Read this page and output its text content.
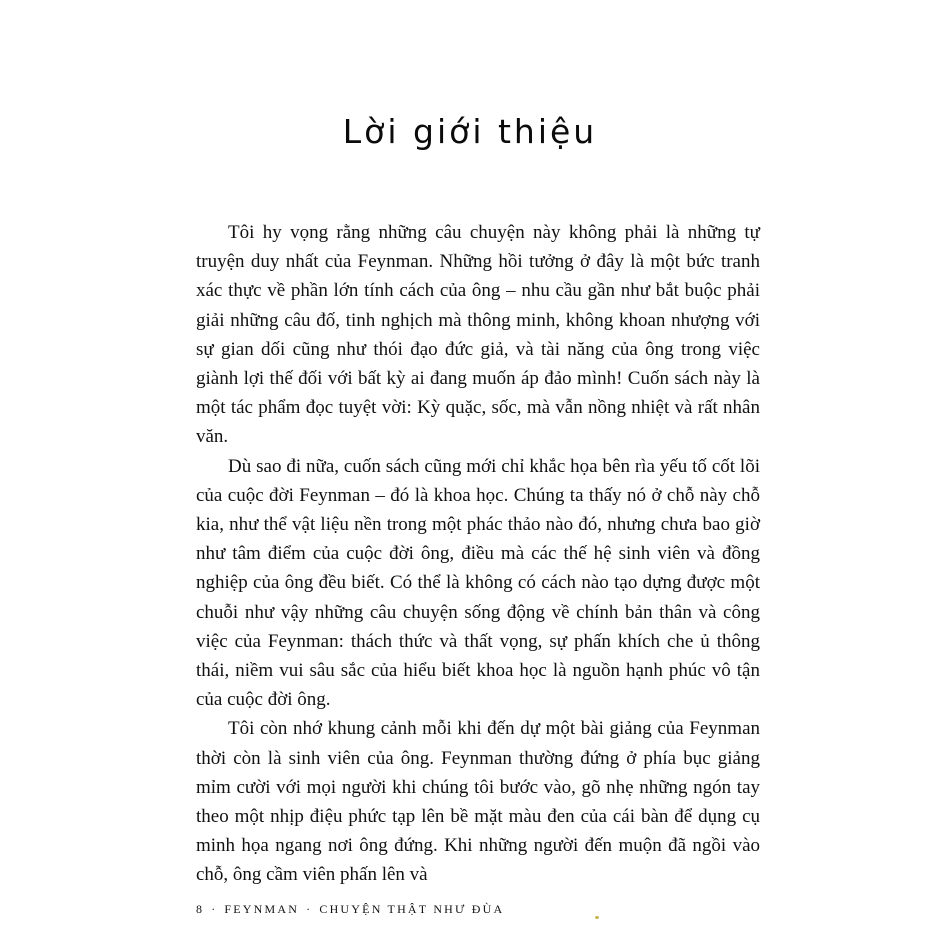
Lời giới thiệu

Tôi hy vọng rằng những câu chuyện này không phải là những tự truyện duy nhất của Feynman. Những hồi tưởng ở đây là một bức tranh xác thực về phần lớn tính cách của ông – nhu cầu gần như bắt buộc phải giải những câu đố, tinh nghịch mà thông minh, không khoan nhượng với sự gian dối cũng như thói đạo đức giả, và tài năng của ông trong việc giành lợi thế đối với bất kỳ ai đang muốn áp đảo mình! Cuốn sách này là một tác phẩm đọc tuyệt vời: Kỳ quặc, sốc, mà vẫn nồng nhiệt và rất nhân văn.

Dù sao đi nữa, cuốn sách cũng mới chỉ khắc họa bên rìa yếu tố cốt lõi của cuộc đời Feynman – đó là khoa học. Chúng ta thấy nó ở chỗ này chỗ kia, như thể vật liệu nền trong một phác thảo nào đó, nhưng chưa bao giờ như tâm điểm của cuộc đời ông, điều mà các thế hệ sinh viên và đồng nghiệp của ông đều biết. Có thể là không có cách nào tạo dựng được một chuỗi như vậy những câu chuyện sống động về chính bản thân và công việc của Feynman: thách thức và thất vọng, sự phấn khích che ủ thông thái, niềm vui sâu sắc của hiểu biết khoa học là nguồn hạnh phúc vô tận của cuộc đời ông.

Tôi còn nhớ khung cảnh mỗi khi đến dự một bài giảng của Feynman thời còn là sinh viên của ông. Feynman thường đứng ở phía bục giảng mỉm cười với mọi người khi chúng tôi bước vào, gõ nhẹ những ngón tay theo một nhịp điệu phức tạp lên bề mặt màu đen của cái bàn để dụng cụ minh họa ngang nơi ông đứng. Khi những người đến muộn đã ngồi vào chỗ, ông cầm viên phấn lên và

8 · FEYNMAN · CHUYỆN THẬT NHƯ ĐÙA
